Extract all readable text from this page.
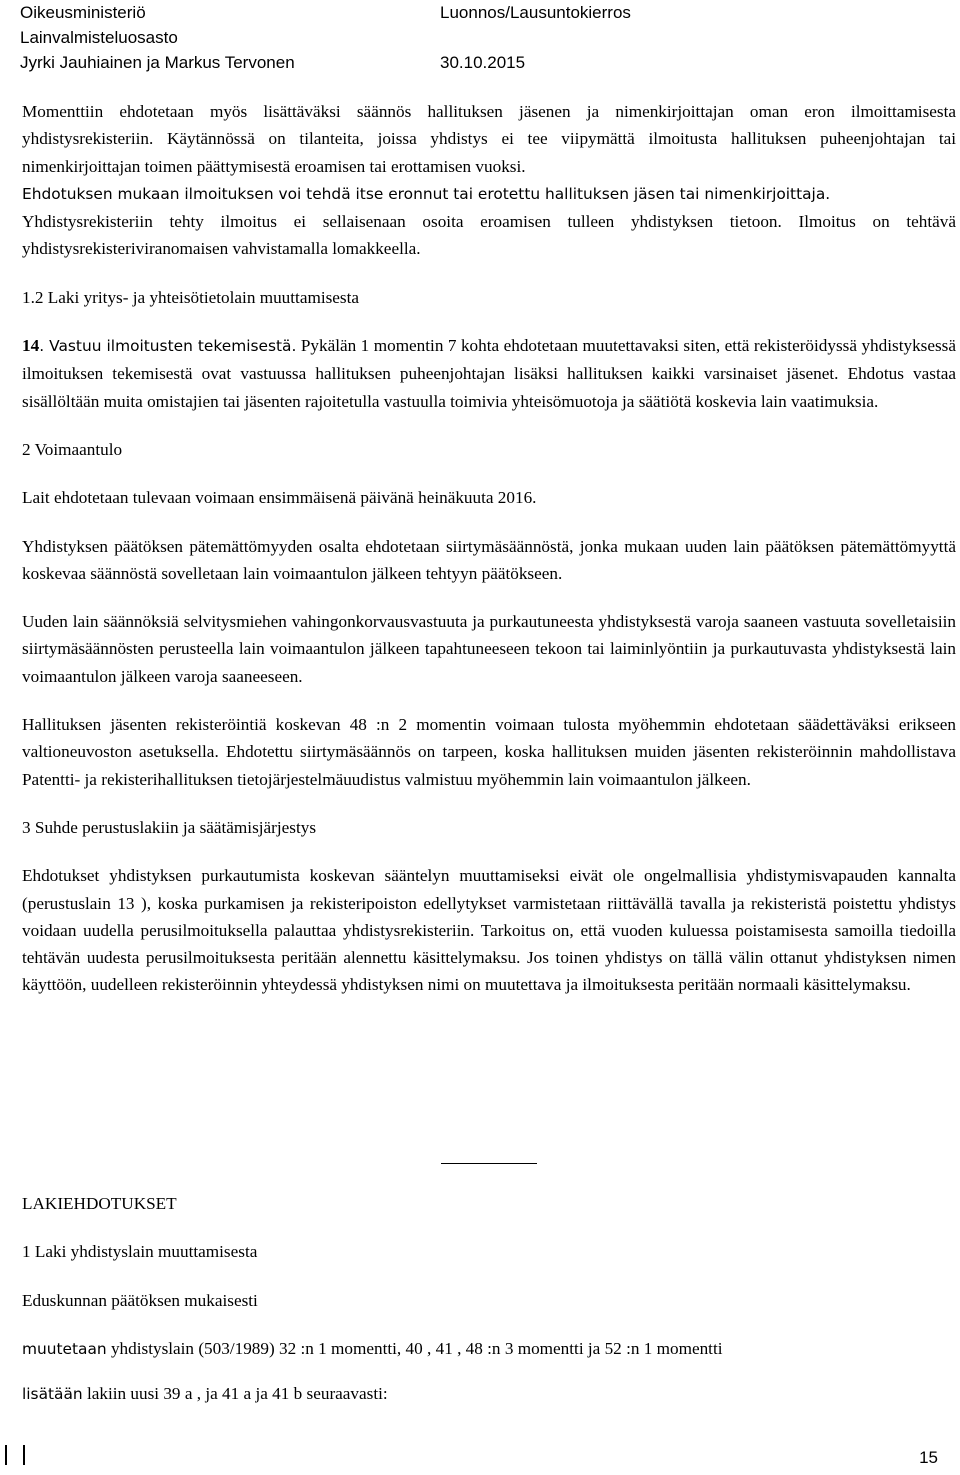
Oikeusministeriö	Luonnos/Lausuntokierros
Lainvalmisteluosasto
Jyrki Jauhiainen ja Markus Tervonen	30.10.2015

Momenttiin ehdotetaan myös lisättäväksi säännös hallituksen jäsenen ja nimenkirjoittajan oman eron ilmoittamisesta yhdistysrekisteriin. Käytännössä on tilanteita, joissa yhdistys ei tee viipymättä ilmoitusta hallituksen puheenjohtajan tai nimenkirjoittajan toimen päättymisestä eroamisen tai erottamisen vuoksi.

Ehdotuksen mukaan ilmoituksen voi tehdä itse eronnut tai erotettu hallituksen jäsen tai nimenkirjoittaja.

Yhdistysrekisteriin tehty ilmoitus ei sellaisenaan osoita eroamisen tulleen yhdistyksen tietoon. Ilmoitus on tehtävä yhdistysrekisteriviranomaisen vahvistamalla lomakkeella.

1.2 Laki yritys- ja yhteisötietolain muuttamisesta

14. Vastuu ilmoitusten tekemisestä. Pykälän 1 momentin 7 kohta ehdotetaan muutettavaksi siten, että rekisteröidyssä yhdistyksessä ilmoituksen tekemisestä ovat vastuussa hallituksen puheenjohtajan lisäksi hallituksen kaikki varsinaiset jäsenet. Ehdotus vastaa sisällöltään muita omistajien tai jäsenten rajoitetulla vastuulla toimivia yhteisömuotoja ja säätiötä koskevia lain vaatimuksia.

2 Voimaantulo

Lait ehdotetaan tulevaan voimaan ensimmäisenä päivänä heinäkuuta 2016.

Yhdistyksen päätöksen pätemättömyyden osalta ehdotetaan siirtymäsäännöstä, jonka mukaan uuden lain päätöksen pätemättömyyttä koskevaa säännöstä sovelletaan lain voimaantulon jälkeen tehtyyn päätökseen.

Uuden lain säännöksiä selvitysmiehen vahingonkorvausvastuuta ja purkautuneesta yhdistyksestä varoja saaneen vastuuta sovelletaisiin siirtymäsäännösten perusteella lain voimaantulon jälkeen tapahtuneeseen tekoon tai laiminlyöntiin ja purkautuvasta yhdistyksestä lain voimaantulon jälkeen varoja saaneeseen.

Hallituksen jäsenten rekisteröintiä koskevan 48 :n 2 momentin voimaan tulosta myöhemmin ehdotetaan säädettäväksi erikseen valtioneuvoston asetuksella. Ehdotettu siirtymäsäännös on tarpeen, koska hallituksen muiden jäsenten rekisteröinnin mahdollistava Patentti- ja rekisterihallituksen tietojärjestelmäuudistus valmistuu myöhemmin lain voimaantulon jälkeen.

3 Suhde perustuslakiin ja säätämisjärjestys

Ehdotukset yhdistyksen purkautumista koskevan sääntelyn muuttamiseksi eivät ole ongelmallisia yhdistymisvapauden kannalta (perustuslain 13 ), koska purkamisen ja rekisteripoiston edellytykset varmistetaan riittävällä tavalla ja rekisteristä poistettu yhdistys voidaan uudella perusilmoituksella palauttaa yhdistysrekisteriin. Tarkoitus on, että vuoden kuluessa poistamisesta samoilla tiedoilla tehtävän uudesta perusilmoituksesta peritään alennettu käsittelymaksu. Jos toinen yhdistys on tällä välin ottanut yhdistyksen nimen käyttöön, uudelleen rekisteröinnin yhteydessä yhdistyksen nimi on muutettava ja ilmoituksesta peritään normaali käsittelymaksu.

LAKIEHDOTUKSET

1 Laki yhdistyslain muuttamisesta

Eduskunnan päätöksen mukaisesti

muutetaan yhdistyslain (503/1989) 32 :n 1 momentti, 40 , 41 , 48 :n 3 momentti ja 52 :n 1 momentti

lisätään lakiin uusi 39 a , ja 41 a ja 41 b seuraavasti:

15
